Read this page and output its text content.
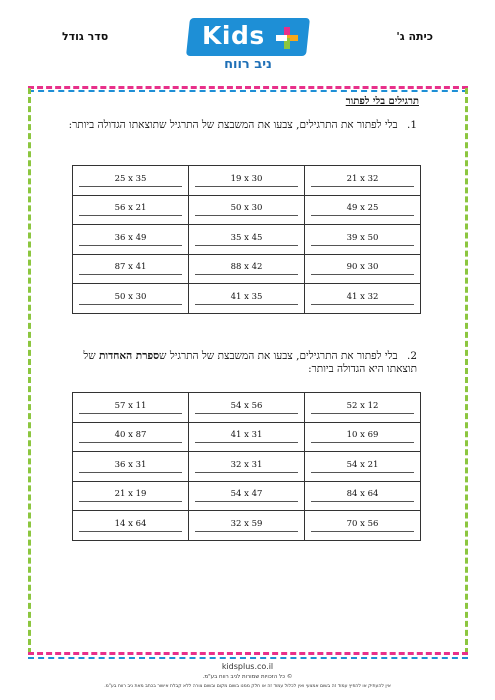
כיתה ג'
סדר גודל	Kids
ניב רווח
תרגילים בלי לפתור
1. בלי לפתור את התרגילים, צבעו את המשבצת של התרגיל שתוצאתו הגדולה ביותר:
25 x 35	19 x 30	21 x 32
56 x 21	50 x 30	49 x 25
36 x 49	35 x 45	39 x 50
87 x 41	88 x 42	90 x 30
50 x 30	41 x 35	41 x 32
2. בלי לפתור את התרגילים, צבעו את המשבצת של התרגיל שספרת האחדות של תוצאתו היא הגדולה ביותר:
57 x 11	54 x 56	52 x 12
40 x 87	41 x 31	10 x 69
36 x 31	32 x 31	54 x 21
21 x 19	54 x 47	84 x 64
14 x 64	32 x 59	70 x 56
kidsplus.co.il
© כל הזכויות שמורות לניב רווח בע"מ.
אין להעתיק או להפיץ עמוד זה בשום אמצעי ואין לכלול עמוד זה או חלק ממנו בשום מקום ובשום צורה ללא קבלת אישור בכתב מאת ניב רווח בע"מ.
